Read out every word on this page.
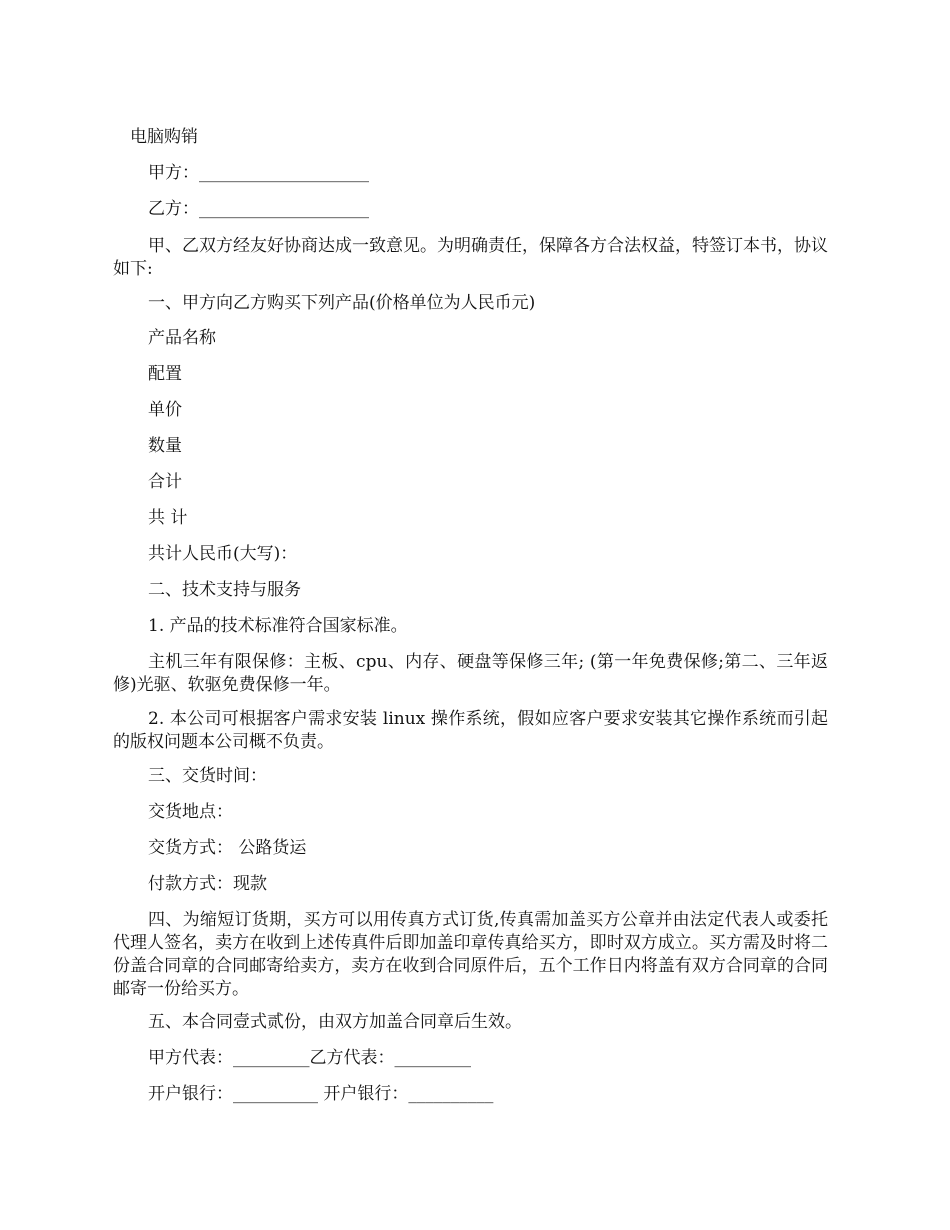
电脑购销

甲方：____________________

乙方：____________________

甲、乙双方经友好协商达成一致意见。为明确责任，保障各方合法权益，特签订本书，协议如下:

一、甲方向乙方购买下列产品(价格单位为人民币元)

产品名称

配置

单价

数量

合计

共 计

共计人民币(大写)：

二、技术支持与服务

1. 产品的技术标准符合国家标准。

主机三年有限保修：主板、cpu、内存、硬盘等保修三年; (第一年免费保修;第二、三年返修)光驱、软驱免费保修一年。

2. 本公司可根据客户需求安装 linux 操作系统，假如应客户要求安装其它操作系统而引起的版权问题本公司概不负责。

三、交货时间：

交货地点：

交货方式： 公路货运

付款方式：现款

四、为缩短订货期，买方可以用传真方式订货,传真需加盖买方公章并由法定代表人或委托代理人签名，卖方在收到上述传真件后即加盖印章传真给买方，即时双方成立。买方需及时将二份盖合同章的合同邮寄给卖方，卖方在收到合同原件后，五个工作日内将盖有双方合同章的合同邮寄一份给买方。

五、本合同壹式贰份，由双方加盖合同章后生效。

甲方代表：_________乙方代表：_________

开户银行：__________ 开户银行：__________
